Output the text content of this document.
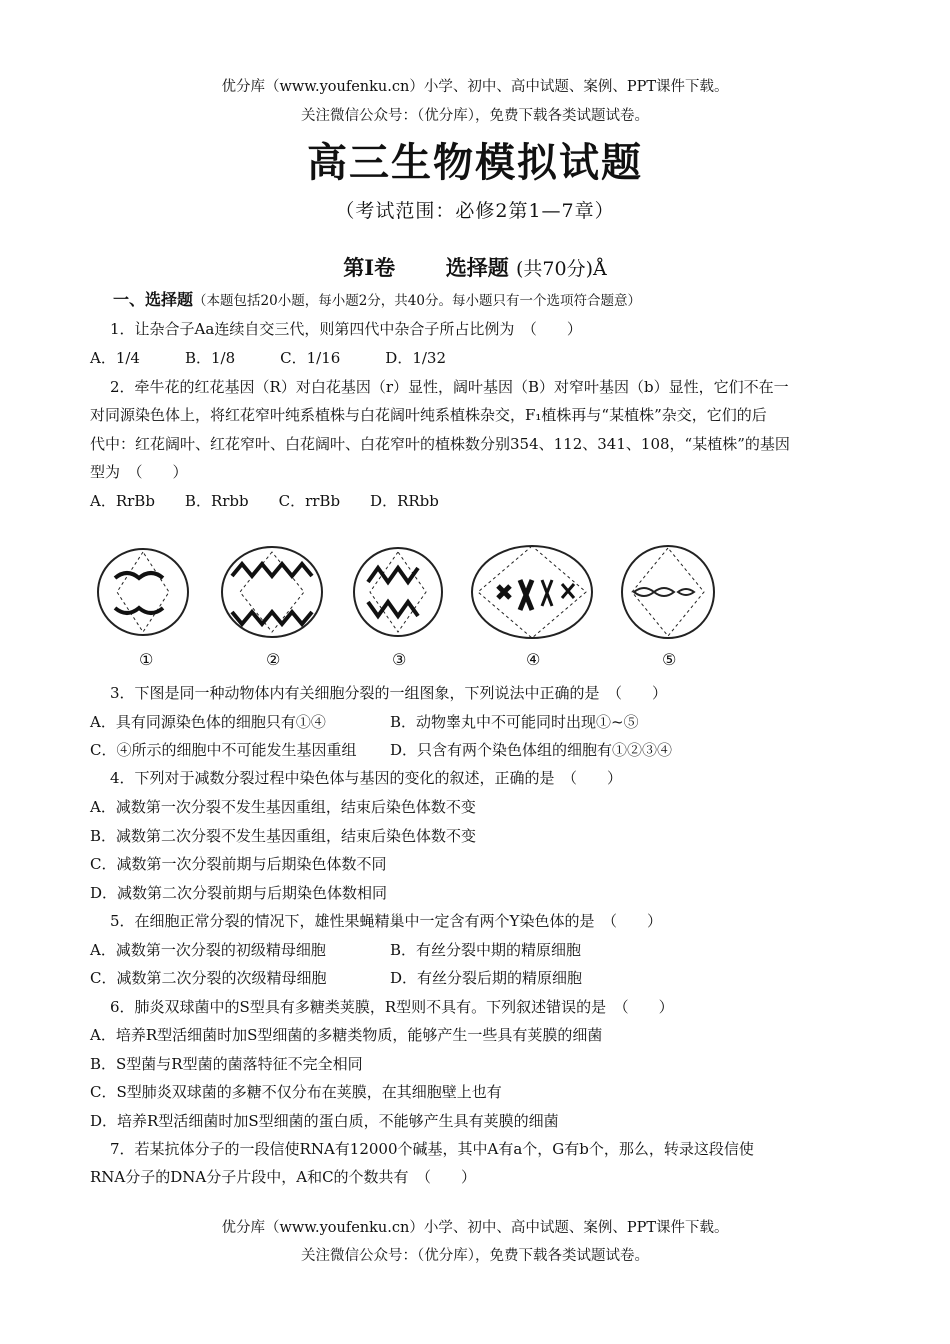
优分库（www.youfenku.cn）小学、初中、高中试题、案例、PPT课件下载。
关注微信公众号：（优分库），免费下载各类试题试卷。
高三生物模拟试题
（考试范围：必修2第1—7章）
第Ⅰ卷 选择题 (共70分)Å
一、选择题（本题包括20小题，每小题2分，共40分。每小题只有一个选项符合题意）
1．让杂合子Aa连续自交三代，则第四代中杂合子所占比例为　（　　）
A．1/4　　　B．1/8　　　C．1/16　　　D．1/32
2．牵牛花的红花基因（R）对白花基因（r）显性，阔叶基因（B）对窄叶基因（b）显性，它们不在一
对同源染色体上，将红花窄叶纯系植株与白花阔叶纯系植株杂交，F₁植株再与“某植株”杂交，它们的后
代中：红花阔叶、红花窄叶、白花阔叶、白花窄叶的植株数分别354、112、341、108，“某植株”的基因
型为　（　　）
A．RrBb　　B．Rrbb　　C．rrBb　　D．RRbb
①	②	③	④	⑤
3．下图是同一种动物体内有关细胞分裂的一组图象，下列说法中正确的是　（　　）
A．具有同源染色体的细胞只有①④	B．动物睾丸中不可能同时出现①~⑤
C．④所示的细胞中不可能发生基因重组 D．只含有两个染色体组的细胞有①②③④
4．下列对于减数分裂过程中染色体与基因的变化的叙述，正确的是　（　　）
A．减数第一次分裂不发生基因重组，结束后染色体数不变
B．减数第二次分裂不发生基因重组，结束后染色体数不变
C．减数第一次分裂前期与后期染色体数不同
D．减数第二次分裂前期与后期染色体数相同
5．在细胞正常分裂的情况下，雄性果蝇精巢中一定含有两个Y染色体的是　（　　）
A．减数第一次分裂的初级精母细胞	B．有丝分裂中期的精原细胞
C．减数第二次分裂的次级精母细胞	D．有丝分裂后期的精原细胞
6．肺炎双球菌中的S型具有多糖类荚膜，R型则不具有。下列叙述错误的是　（　　）
A．培养R型活细菌时加S型细菌的多糖类物质，能够产生一些具有荚膜的细菌
B．S型菌与R型菌的菌落特征不完全相同
C．S型肺炎双球菌的多糖不仅分布在荚膜，在其细胞壁上也有
D．培养R型活细菌时加S型细菌的蛋白质，不能够产生具有荚膜的细菌
7．若某抗体分子的一段信使RNA有12000个碱基，其中A有a个，G有b个，那么，转录这段信使
RNA分子的DNA分子片段中，A和C的个数共有　（　　）
优分库（www.youfenku.cn）小学、初中、高中试题、案例、PPT课件下载。
关注微信公众号：（优分库），免费下载各类试题试卷。
